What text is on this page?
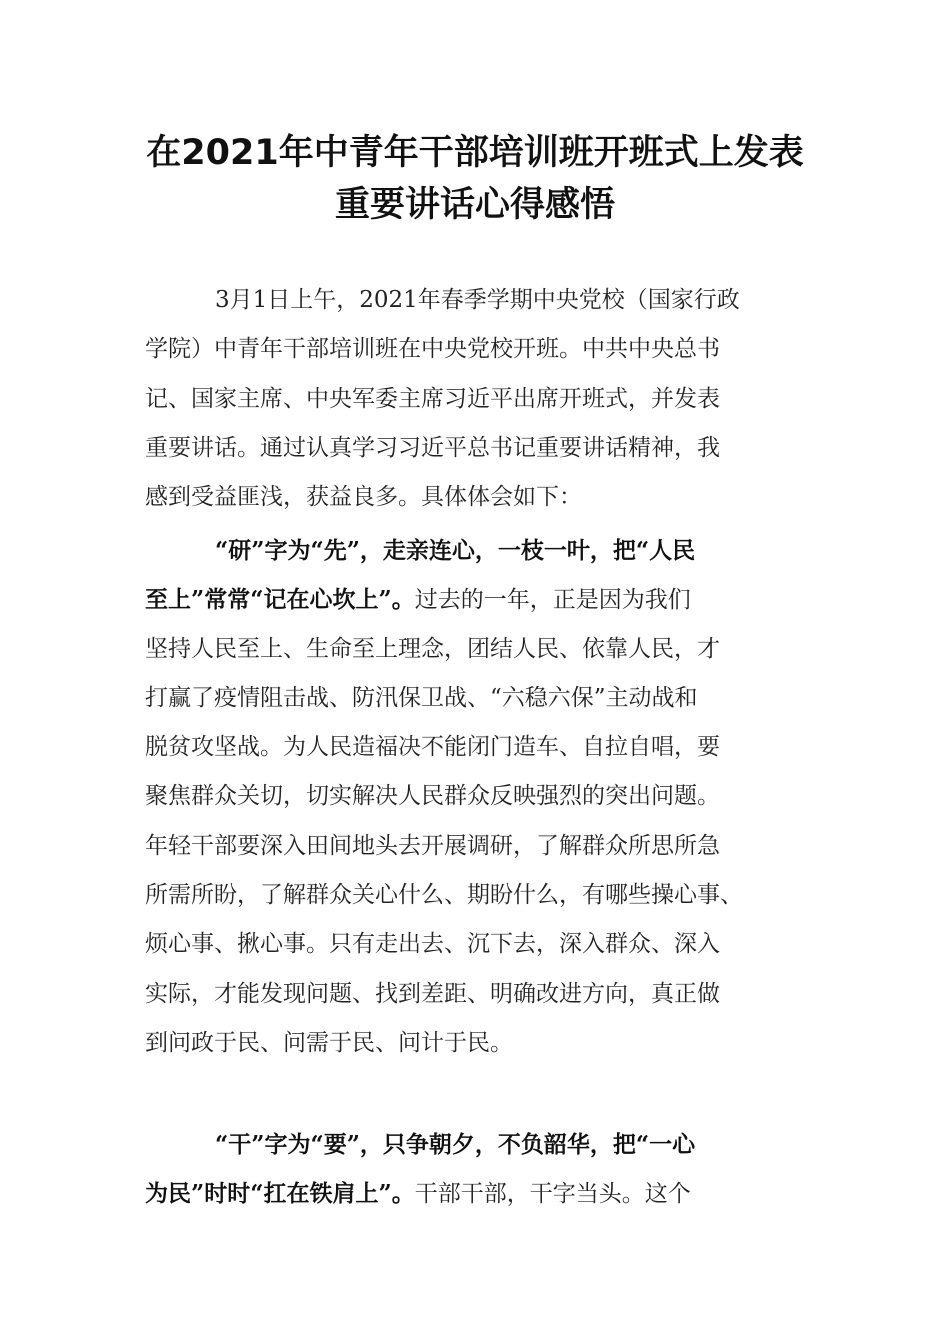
在2021年中青年干部培训班开班式上发表
重要讲话心得感悟
3月1日上午，2021年春季学期中央党校（国家行政
学院）中青年干部培训班在中央党校开班。中共中央总书
记、国家主席、中央军委主席习近平出席开班式，并发表
重要讲话。通过认真学习习近平总书记重要讲话精神，我
感到受益匪浅，获益良多。具体体会如下：
“研”字为“先”，走亲连心，一枝一叶，把“人民
至上”常常“记在心坎上”。过去的一年，正是因为我们
坚持人民至上、生命至上理念，团结人民、依靠人民，才
打赢了疫情阻击战、防汛保卫战、“六稳六保”主动战和
脱贫攻坚战。为人民造福决不能闭门造车、自拉自唱，要
聚焦群众关切，切实解决人民群众反映强烈的突出问题。
年轻干部要深入田间地头去开展调研，了解群众所思所急
所需所盼，了解群众关心什么、期盼什么，有哪些操心事、
烦心事、揪心事。只有走出去、沉下去，深入群众、深入
实际，才能发现问题、找到差距、明确改进方向，真正做
到问政于民、问需于民、问计于民。
“干”字为“要”，只争朝夕，不负韶华，把“一心
为民”时时“扛在铁肩上”。干部干部，干字当头。这个
